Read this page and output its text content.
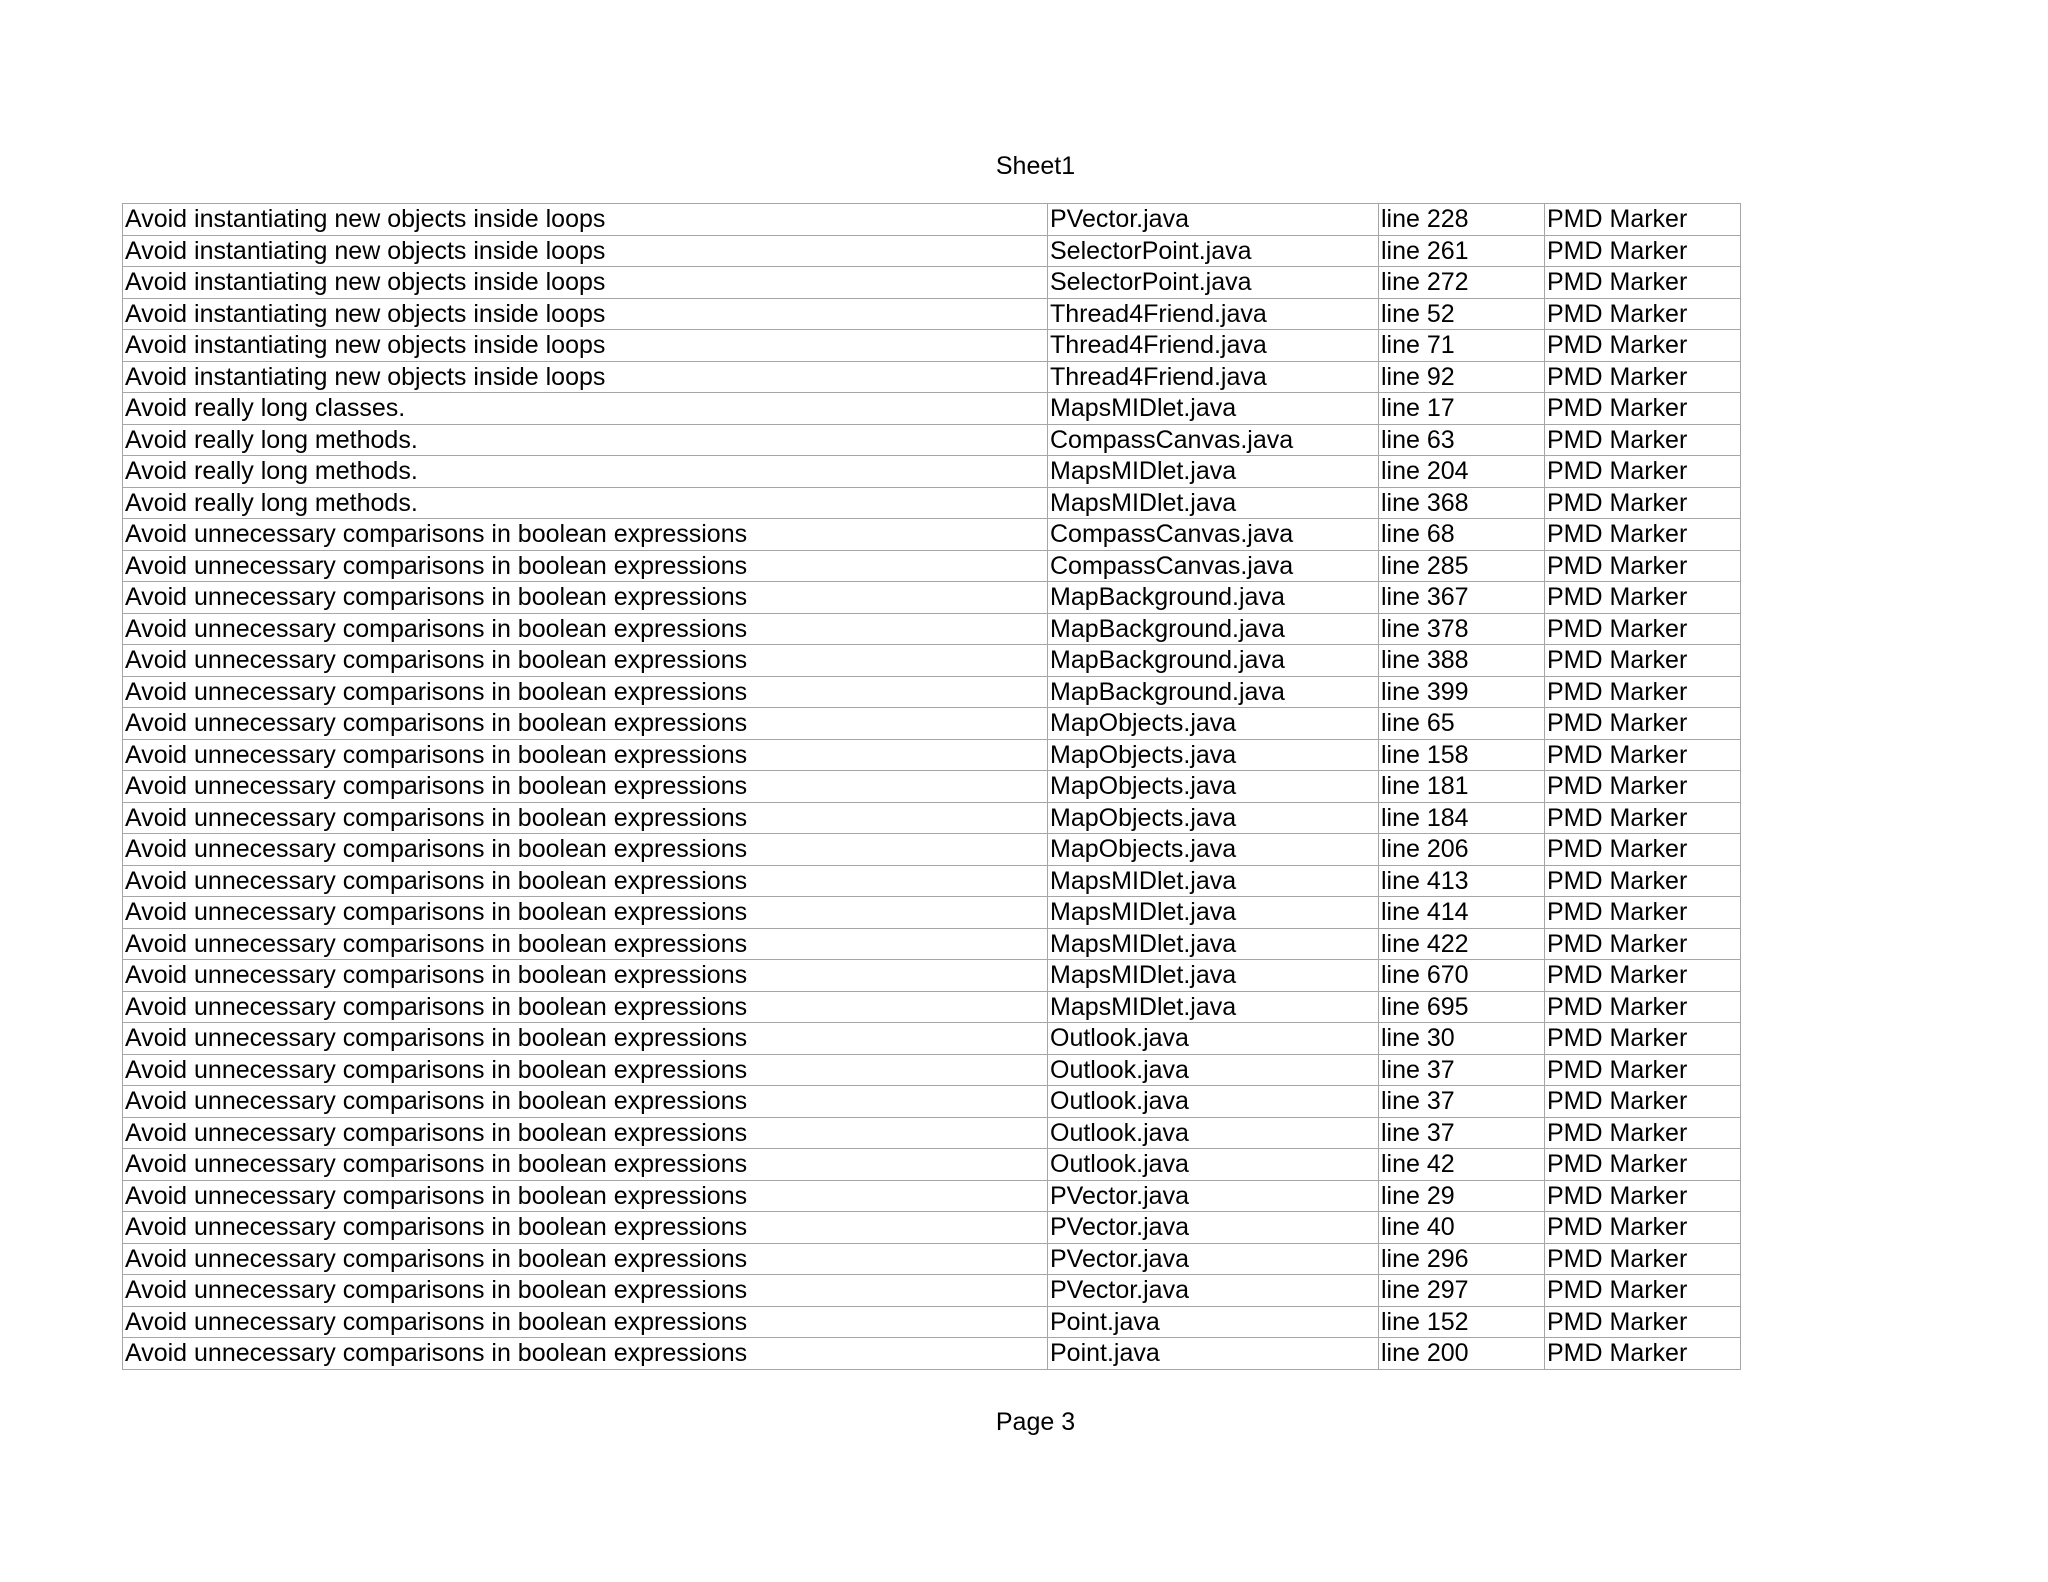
Sheet1
Avoid instantiating new objects inside loops	PVector.java	line 228	PMD Marker
Avoid instantiating new objects inside loops	SelectorPoint.java	line 261	PMD Marker
Avoid instantiating new objects inside loops	SelectorPoint.java	line 272	PMD Marker
Avoid instantiating new objects inside loops	Thread4Friend.java	line 52	PMD Marker
Avoid instantiating new objects inside loops	Thread4Friend.java	line 71	PMD Marker
Avoid instantiating new objects inside loops	Thread4Friend.java	line 92	PMD Marker
Avoid really long classes.	MapsMIDlet.java	line 17	PMD Marker
Avoid really long methods.	CompassCanvas.java	line 63	PMD Marker
Avoid really long methods.	MapsMIDlet.java	line 204	PMD Marker
Avoid really long methods.	MapsMIDlet.java	line 368	PMD Marker
Avoid unnecessary comparisons in boolean expressions	CompassCanvas.java	line 68	PMD Marker
Avoid unnecessary comparisons in boolean expressions	CompassCanvas.java	line 285	PMD Marker
Avoid unnecessary comparisons in boolean expressions	MapBackground.java	line 367	PMD Marker
Avoid unnecessary comparisons in boolean expressions	MapBackground.java	line 378	PMD Marker
Avoid unnecessary comparisons in boolean expressions	MapBackground.java	line 388	PMD Marker
Avoid unnecessary comparisons in boolean expressions	MapBackground.java	line 399	PMD Marker
Avoid unnecessary comparisons in boolean expressions	MapObjects.java	line 65	PMD Marker
Avoid unnecessary comparisons in boolean expressions	MapObjects.java	line 158	PMD Marker
Avoid unnecessary comparisons in boolean expressions	MapObjects.java	line 181	PMD Marker
Avoid unnecessary comparisons in boolean expressions	MapObjects.java	line 184	PMD Marker
Avoid unnecessary comparisons in boolean expressions	MapObjects.java	line 206	PMD Marker
Avoid unnecessary comparisons in boolean expressions	MapsMIDlet.java	line 413	PMD Marker
Avoid unnecessary comparisons in boolean expressions	MapsMIDlet.java	line 414	PMD Marker
Avoid unnecessary comparisons in boolean expressions	MapsMIDlet.java	line 422	PMD Marker
Avoid unnecessary comparisons in boolean expressions	MapsMIDlet.java	line 670	PMD Marker
Avoid unnecessary comparisons in boolean expressions	MapsMIDlet.java	line 695	PMD Marker
Avoid unnecessary comparisons in boolean expressions	Outlook.java	line 30	PMD Marker
Avoid unnecessary comparisons in boolean expressions	Outlook.java	line 37	PMD Marker
Avoid unnecessary comparisons in boolean expressions	Outlook.java	line 37	PMD Marker
Avoid unnecessary comparisons in boolean expressions	Outlook.java	line 37	PMD Marker
Avoid unnecessary comparisons in boolean expressions	Outlook.java	line 42	PMD Marker
Avoid unnecessary comparisons in boolean expressions	PVector.java	line 29	PMD Marker
Avoid unnecessary comparisons in boolean expressions	PVector.java	line 40	PMD Marker
Avoid unnecessary comparisons in boolean expressions	PVector.java	line 296	PMD Marker
Avoid unnecessary comparisons in boolean expressions	PVector.java	line 297	PMD Marker
Avoid unnecessary comparisons in boolean expressions	Point.java	line 152	PMD Marker
Avoid unnecessary comparisons in boolean expressions	Point.java	line 200	PMD Marker
Page 3
